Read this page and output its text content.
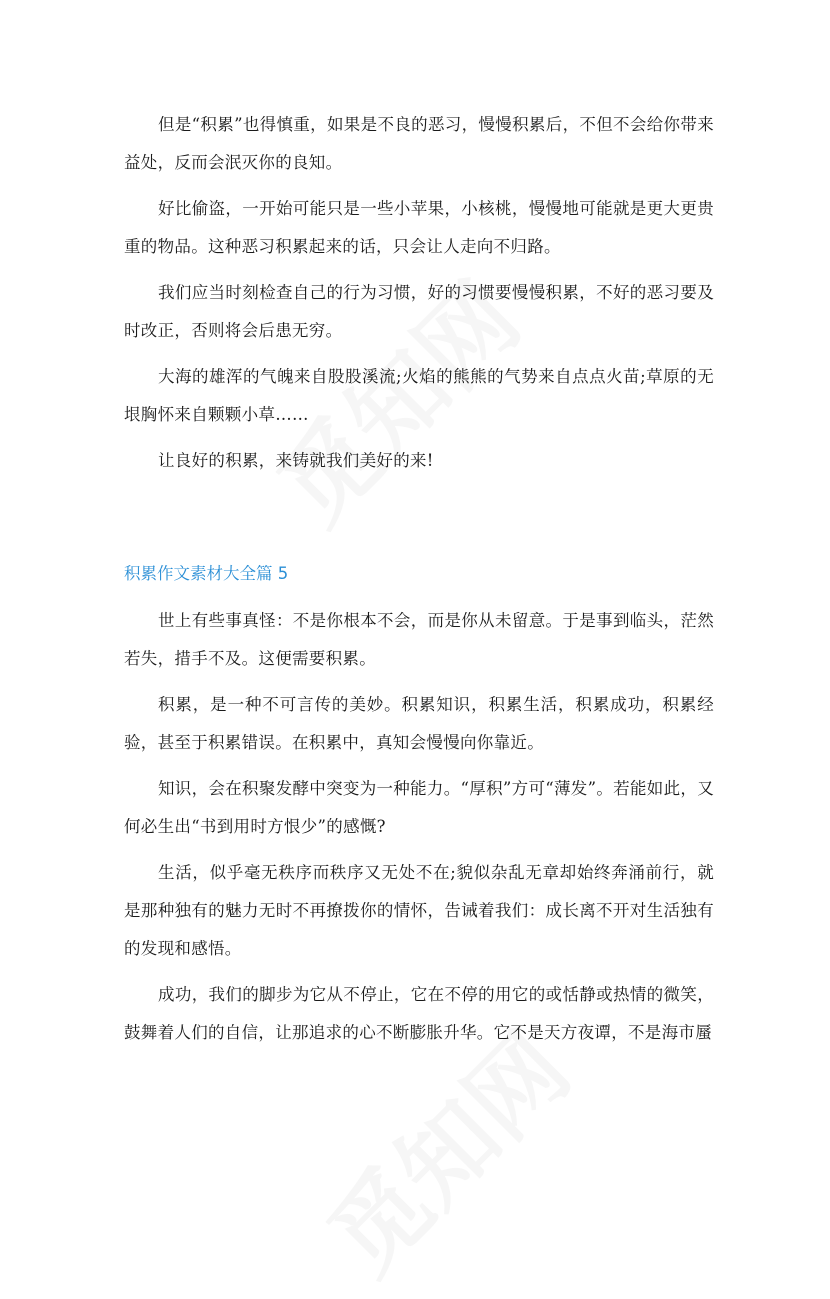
但是“积累”也得慎重，如果是不良的恶习，慢慢积累后，不但不会给你带来益处，反而会泯灭你的良知。

好比偷盗，一开始可能只是一些小苹果，小核桃，慢慢地可能就是更大更贵重的物品。这种恶习积累起来的话，只会让人走向不归路。

我们应当时刻检查自己的行为习惯，好的习惯要慢慢积累，不好的恶习要及时改正，否则将会后患无穷。

大海的雄浑的气魄来自股股溪流;火焰的熊熊的气势来自点点火苗;草原的无垠胸怀来自颗颗小草……

让良好的积累，来铸就我们美好的来!

积累作文素材大全篇 5

世上有些事真怪：不是你根本不会，而是你从未留意。于是事到临头，茫然若失，措手不及。这便需要积累。

积累，是一种不可言传的美妙。积累知识，积累生活，积累成功，积累经验，甚至于积累错误。在积累中，真知会慢慢向你靠近。

知识，会在积聚发酵中突变为一种能力。“厚积”方可“薄发”。若能如此，又何必生出“书到用时方恨少”的感慨?

生活，似乎毫无秩序而秩序又无处不在;貌似杂乱无章却始终奔涌前行，就是那种独有的魅力无时不再撩拨你的情怀，告诫着我们：成长离不开对生活独有的发现和感悟。

成功，我们的脚步为它从不停止，它在不停的用它的或恬静或热情的微笑，鼓舞着人们的自信，让那追求的心不断膨胀升华。它不是天方夜谭，不是海市蜃
